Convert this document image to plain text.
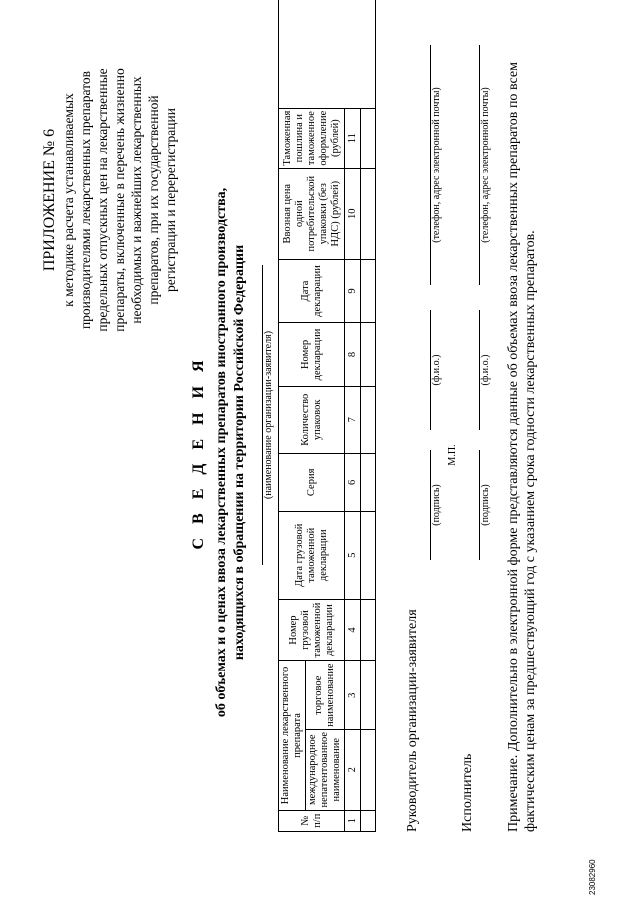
ПРИЛОЖЕНИЕ № 6 к методике расчета устанавливаемых производителями лекарственных препаратов предельных отпускных цен на лекарственные препараты, включенные в перечень жизненно необходимых и важнейших лекарственных препаратов, при их государственной регистрации и перерегистрации
С В Е Д Е Н И Я об объемах и о ценах ввоза лекарственных препаратов иностранного производства, находящихся в обращении на территории Российской Федерации (наименование организации-заявителя)
№ п/п	Наименование лекарственного препарата		Номер грузовой таможенной декларации	Дата грузовой таможенной декларации	Серия	Количество упаковок	Номер декларации	Дата декларации	Ввозная цена одной потребительской упаковки (без НДС) (рублей)	Таможенная пошлина и таможенное оформление (рублей)	
	международное непатентованное наименование	торговое наименование									
1	2	3	4	5	6	7	8	9	10	11	

Руководитель организации-заявителя
(подпись)
(ф.и.о.)
(телефон, адрес электронной почты)
М.П.
Исполнитель
(подпись)
(ф.и.о.)
(телефон, адрес электронной почты) Примечание. Дополнительно в электронной форме представляются данные об объемах ввоза лекарственных препаратов по всем фактическим ценам за предшествующий год с указанием срока годности лекарственных препаратов.
23082960
